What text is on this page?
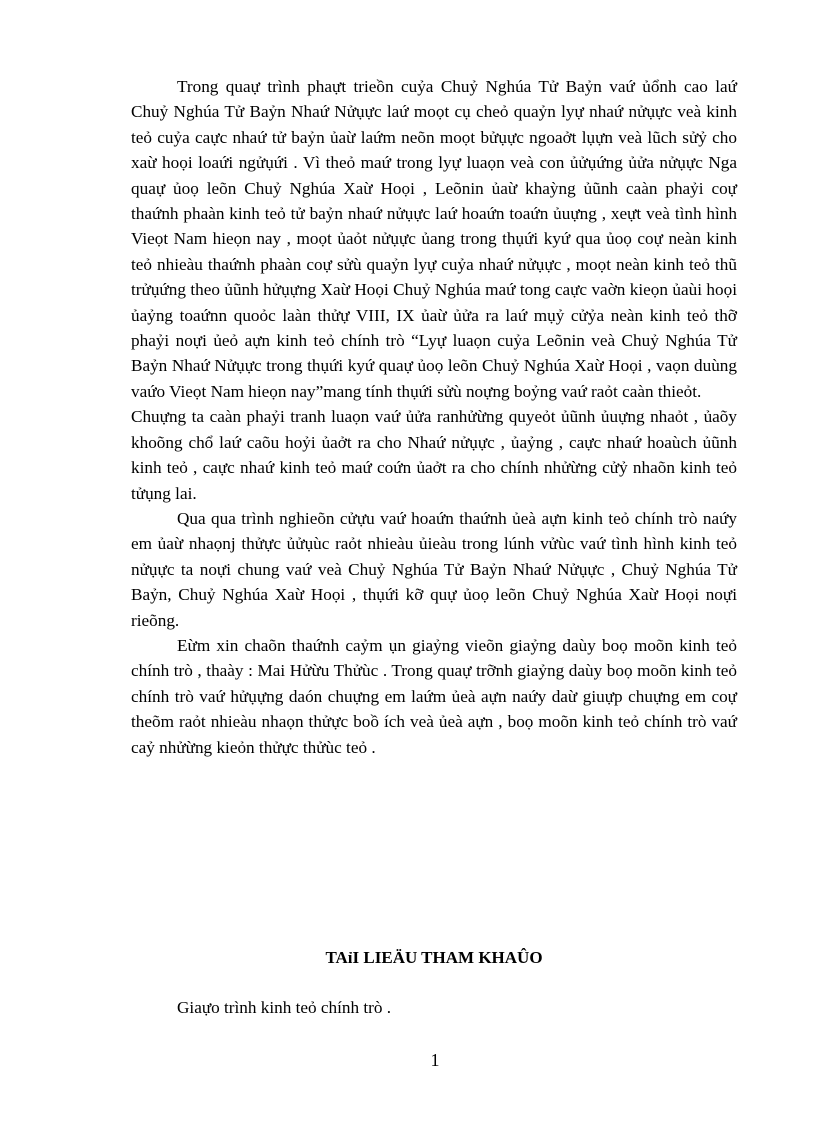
Trong quaự trình phaựt trieồn cuỷa Chuỷ Nghúa Tử Baỷn vaứ ủổnh cao laứ Chuỷ Nghúa Tử Baỷn Nhaứ Nửụực laứ moọt cụ cheỏ quaỷn lyự nhaứ nửụực veà kinh teỏ cuỷa caực nhaứ tử baỷn ủaừ laứm neõn moọt bửụực ngoaởt lụựn veà lũch sửỷ cho xaừ hoọi loaứi ngửụứi . Vì theỏ maứ trong lyự luaọn veà con ủửụứng ủửa nửụực Nga quaự ủoọ leõn Chuỷ Nghúa Xaừ Hoọi , Leõnin ủaừ khaỳng ủũnh caàn phaỷi coự thaứnh phaàn kinh teỏ tử baỷn nhaứ nửụực laứ hoaứn toaứn ủuựng , xeựt veà tình hình Vieọt Nam hieọn nay , moọt ủaỏt nửụực ủang trong thụứi kyứ qua ủoọ coự neàn kinh teỏ nhieàu thaứnh phaàn coự sửù quaỷn lyự cuỷa nhaứ nửụực , moọt neàn kinh teỏ thũ trửụứng theo ủũnh hửụựng Xaừ Hoọi Chuỷ Nghúa maứ tong caực vaờn kieọn ủaùi hoọi ủaỷng toaứnn quoỏc laàn thửự VIII, IX ủaừ ủửa ra laứ mụỷ cửỷa neàn kinh teỏ thỡ phaỷi noựi ủeỏ aựn kinh teỏ chính trò “Lyự luaọn cuỷa Leõnin veà Chuỷ Nghúa Tử Baỷn Nhaứ Nửụực trong thụứi kyứ quaự ủoọ leõn Chuỷ Nghúa Xaừ Hoọi , vaọn duùng vaứo Vieọt Nam hieọn nay”mang tính thụứi sửù noựng boỷng vaứ raỏt caàn thieỏt.

Chuựng ta caàn phaỷi tranh luaọn vaứ ủửa ranhửừng quyeỏt ủũnh ủuựng nhaỏt , ủaõy khoõng chổ laứ caõu hoỷi ủaởt ra cho Nhaứ nửụực , ủaỷng , caực nhaứ hoaùch ủũnh kinh teỏ , caực nhaứ kinh teỏ maứ coứn ủaởt ra cho chính nhửừng cửỷ nhaõn kinh teỏ tửụng lai.

Qua qua trình nghieõn cửựu vaứ hoaứn thaứnh ủeà aựn kinh teỏ chính trò naứy em ủaừ nhaọnj thửực ủửụùc raỏt nhieàu ủieàu trong lúnh vửùc vaứ tình hình kinh teỏ nửụực ta noựi chung vaứ veà Chuỷ Nghúa Tử Baỷn Nhaứ Nửụực , Chuỷ Nghúa Tử Baỷn, Chuỷ Nghúa Xaừ Hoọi , thụứi kỡ quự ủoọ leõn Chuỷ Nghúa Xaừ Hoọi noựi rieõng.

Eừm xin chaõn thaứnh caỷm ụn giaỷng vieõn giaỷng daùy boọ moõn kinh teỏ chính trò , thaày : Mai Hửừu Thửùc . Trong quaự trỡnh giaỷng daùy boọ moõn kinh teỏ chính trò vaứ hửụựng daón chuựng em laứm ủeà aựn naứy daừ giuựp chuựng em coự theõm raỏt nhieàu nhaọn thửực boồ ích veà ủeà aựn , boọ moõn kinh teỏ chính trò vaứ caỷ nhửừng kieỏn thửực thửùc teỏ .

TAỉI LIEÄU THAM KHAÛO
Giaựo trình kinh teỏ chính trò .
1
